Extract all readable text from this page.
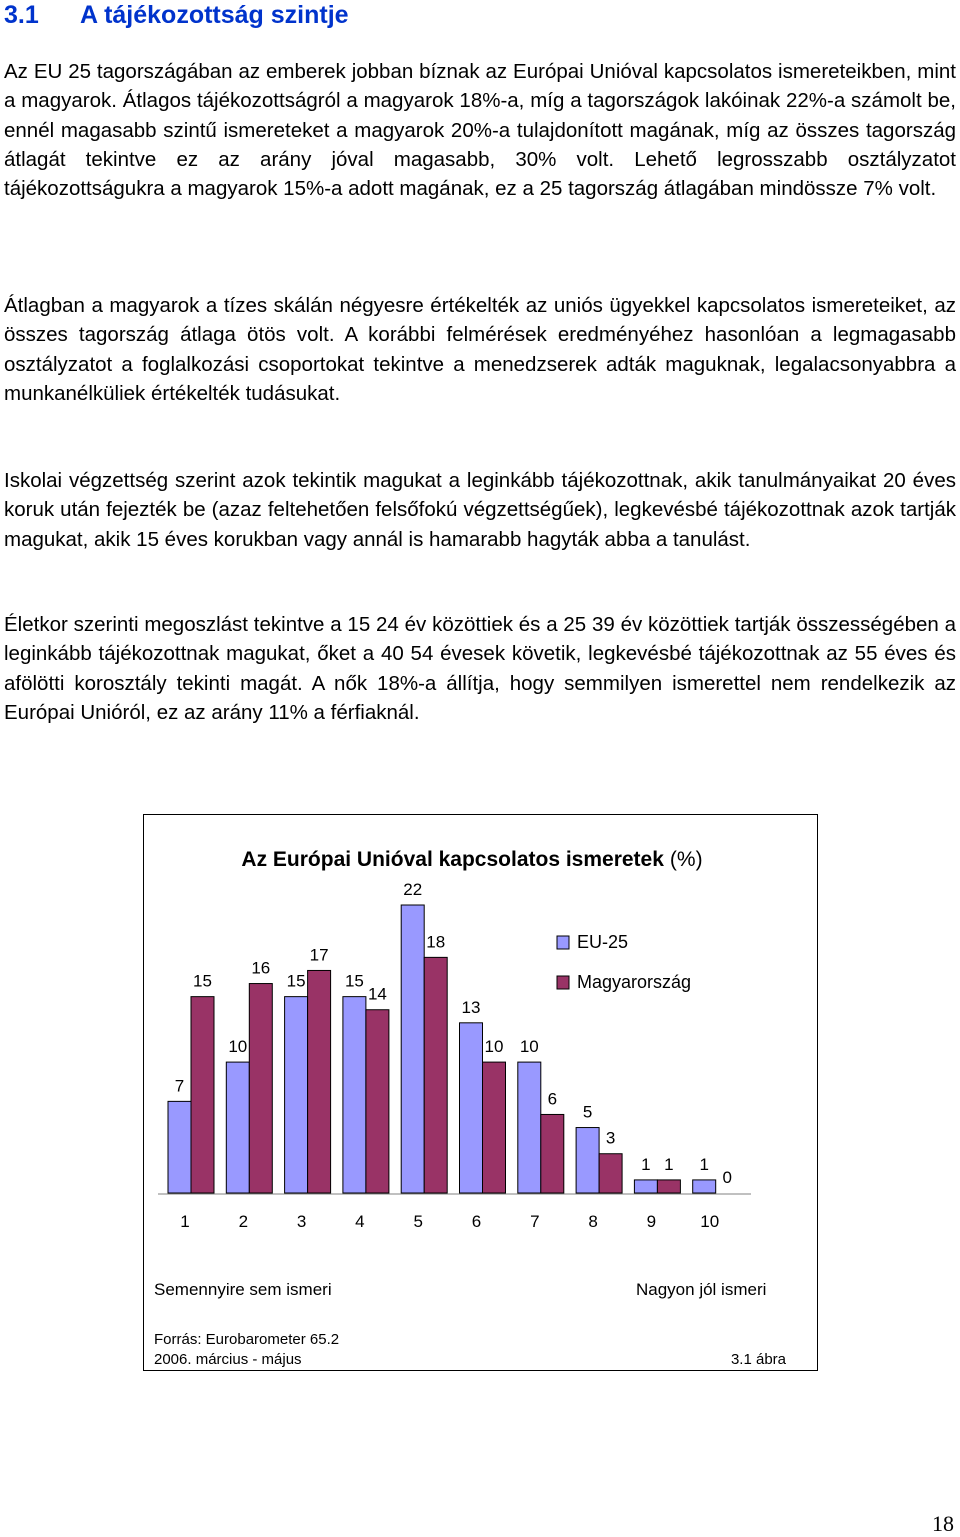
3.1 A tájékozottság szintje

Az EU 25 tagországában az emberek jobban bíznak az Európai Unióval kapcsolatos ismereteikben, mint a magyarok. Átlagos tájékozottságról a magyarok 18%-a, míg a tagországok lakóinak 22%-a számolt be, ennél magasabb szintű ismereteket a magyarok 20%-a tulajdonított magának, míg az összes tagország átlagát tekintve ez az arány jóval magasabb, 30% volt. Lehető legrosszabb osztályzatot tájékozottságukra a magyarok 15%-a adott magának, ez a 25 tagország átlagában mindössze 7% volt.

Átlagban a magyarok a tízes skálán négyesre értékelték az uniós ügyekkel kapcsolatos ismereteiket, az összes tagország átlaga ötös volt. A korábbi felmérések eredményéhez hasonlóan a legmagasabb osztályzatot a foglalkozási csoportokat tekintve a menedzserek adták maguknak, legalacsonyabbra a munkanélküliek értékelték tudásukat.

Iskolai végzettség szerint azok tekintik magukat a leginkább tájékozottnak, akik tanulmányaikat 20 éves koruk után fejezték be (azaz feltehetően felsőfokú végzettségűek), legkevésbé tájékozottnak azok tartják magukat, akik 15 éves korukban vagy annál is hamarabb hagyták abba a tanulást.

Életkor szerinti megoszlást tekintve a 15 24 év közöttiek és a 25 39 év közöttiek tartják összességében a leginkább tájékozottnak magukat, őket a 40 54 évesek követik, legkevésbé tájékozottnak az 55 éves és afölötti korosztály tekinti magát. A nők 18%-a állítja, hogy semmilyen ismerettel nem rendelkezik az Európai Unióról, ez az arány 11% a férfiaknál.

Az Európai Unióval kapcsolatos ismeretek (%)
7
15
10
16
15
17
15
14
22
18
13
10 10
6
5
3
1 1 1
0
1	2	3	4	5	6	7	8	9	10
EU-25
Magyarország
Semennyire sem ismeri	Nagyon jól ismeri
Forrás: Eurobarometer 65.2
2006. március - május	3.1 ábra
18
